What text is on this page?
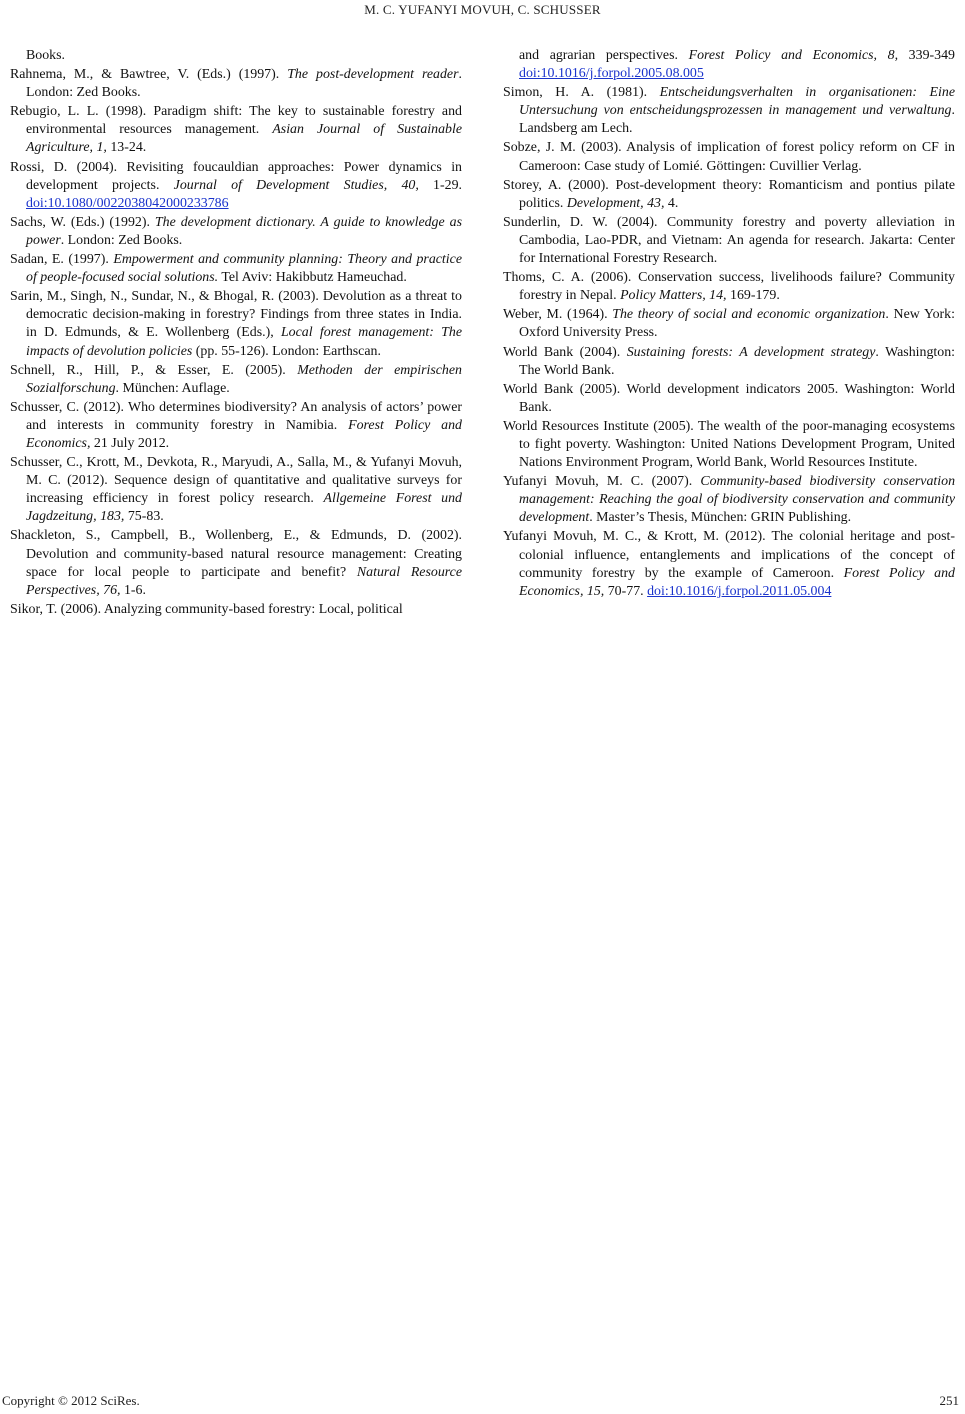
M. C. YUFANYI MOVUH, C. SCHUSSER

Books.

Rahnema, M., & Bawtree, V. (Eds.) (1997). The post-development reader. London: Zed Books.

Rebugio, L. L. (1998). Paradigm shift: The key to sustainable forestry and environmental resources management. Asian Journal of Sustainable Agriculture, 1, 13-24.

Rossi, D. (2004). Revisiting foucauldian approaches: Power dynamics in development projects. Journal of Development Studies, 40, 1-29. doi:10.1080/0022038042000233786

Sachs, W. (Eds.) (1992). The development dictionary. A guide to knowledge as power. London: Zed Books.

Sadan, E. (1997). Empowerment and community planning: Theory and practice of people-focused social solutions. Tel Aviv: Hakibbutz Hameuchad.

Sarin, M., Singh, N., Sundar, N., & Bhogal, R. (2003). Devolution as a threat to democratic decision-making in forestry? Findings from three states in India. in D. Edmunds, & E. Wollenberg (Eds.), Local forest management: The impacts of devolution policies (pp. 55-126). London: Earthscan.

Schnell, R., Hill, P., & Esser, E. (2005). Methoden der empirischen Sozialforschung. München: Auflage.

Schusser, C. (2012). Who determines biodiversity? An analysis of actors’ power and interests in community forestry in Namibia. Forest Policy and Economics, 21 July 2012.

Schusser, C., Krott, M., Devkota, R., Maryudi, A., Salla, M., & Yufanyi Movuh, M. C. (2012). Sequence design of quantitative and qualitative surveys for increasing efficiency in forest policy research. Allgemeine Forest und Jagdzeitung, 183, 75-83.

Shackleton, S., Campbell, B., Wollenberg, E., & Edmunds, D. (2002). Devolution and community-based natural resource management: Creating space for local people to participate and benefit? Natural Resource Perspectives, 76, 1-6.

Sikor, T. (2006). Analyzing community-based forestry: Local, political

and agrarian perspectives. Forest Policy and Economics, 8, 339-349 doi:10.1016/j.forpol.2005.08.005

Simon, H. A. (1981). Entscheidungsverhalten in organisationen: Eine Untersuchung von entscheidungsprozessen in management und verwaltung. Landsberg am Lech.

Sobze, J. M. (2003). Analysis of implication of forest policy reform on CF in Cameroon: Case study of Lomié. Göttingen: Cuvillier Verlag.

Storey, A. (2000). Post-development theory: Romanticism and pontius pilate politics. Development, 43, 4.

Sunderlin, D. W. (2004). Community forestry and poverty alleviation in Cambodia, Lao-PDR, and Vietnam: An agenda for research. Jakarta: Center for International Forestry Research.

Thoms, C. A. (2006). Conservation success, livelihoods failure? Community forestry in Nepal. Policy Matters, 14, 169-179.

Weber, M. (1964). The theory of social and economic organization. New York: Oxford University Press.

World Bank (2004). Sustaining forests: A development strategy. Washington: The World Bank.

World Bank (2005). World development indicators 2005. Washington: World Bank.

World Resources Institute (2005). The wealth of the poor-managing ecosystems to fight poverty. Washington: United Nations Development Program, United Nations Environment Program, World Bank, World Resources Institute.

Yufanyi Movuh, M. C. (2007). Community-based biodiversity conservation management: Reaching the goal of biodiversity conservation and community development. Master’s Thesis, München: GRIN Publishing.

Yufanyi Movuh, M. C., & Krott, M. (2012). The colonial heritage and post-colonial influence, entanglements and implications of the concept of community forestry by the example of Cameroon. Forest Policy and Economics, 15, 70-77. doi:10.1016/j.forpol.2011.05.004

Copyright © 2012 SciRes.	251
